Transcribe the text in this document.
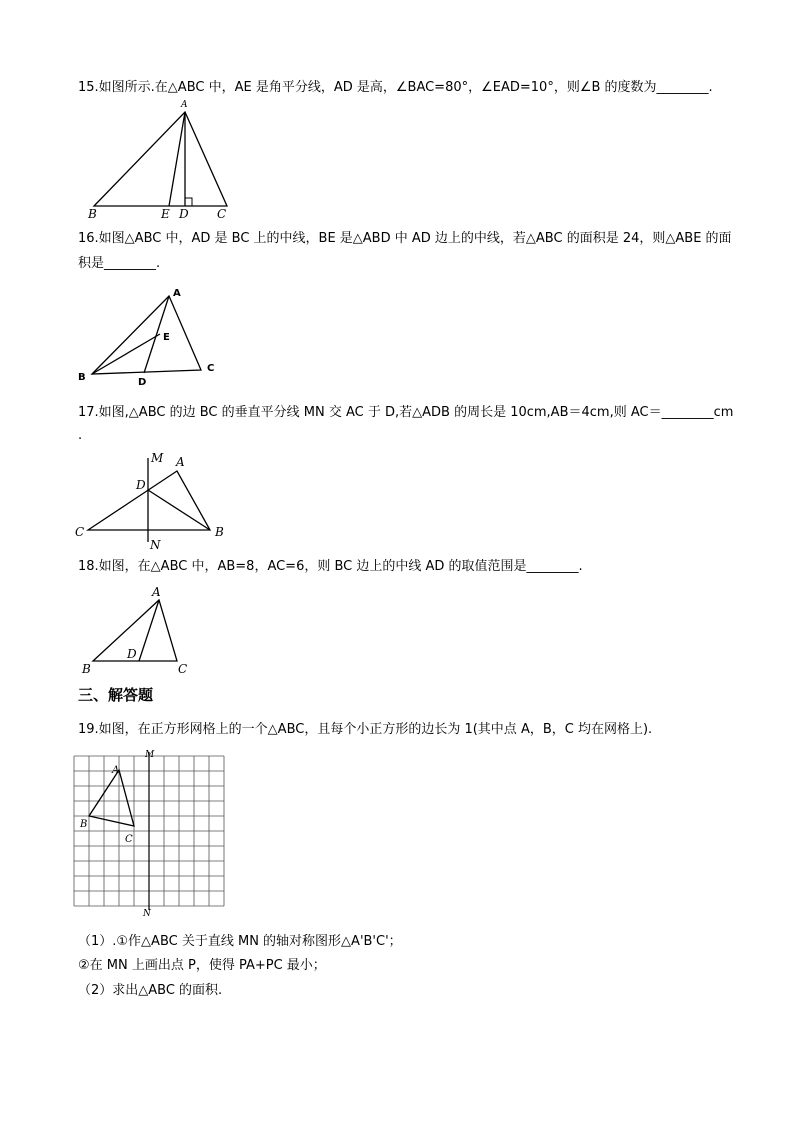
15.如图所示.在△ABC 中，AE 是角平分线，AD 是高，∠BAC=80°，∠EAD=10°，则∠B 的度数为________.
A
B	E D C
16.如图△ABC 中，AD 是 BC 上的中线，BE 是△ABD 中 AD 边上的中线，若△ABC 的面积是 24，则△ABE 的面
积是________.
A
E
B	D
C
17.如图,△ABC 的边 BC 的垂直平分线 MN 交 AC 于 D,若△ADB 的周长是 10cm,AB＝4cm,则 AC＝________cm
.
M A
D
C	B
N
18.如图，在△ABC 中，AB=8，AC=6，则 BC 边上的中线 AD 的取值范围是________.
A
B
D
C
三、解答题
19.如图，在正方形网格上的一个△ABC，且每个小正方形的边长为 1(其中点 A，B，C 均在网格上).
M
A
B
C
N
（1）.①作△ABC 关于直线 MN 的轴对称图形△A'B'C'；
②在 MN 上画出点 P，使得 PA+PC 最小；
（2）求出△ABC 的面积.
